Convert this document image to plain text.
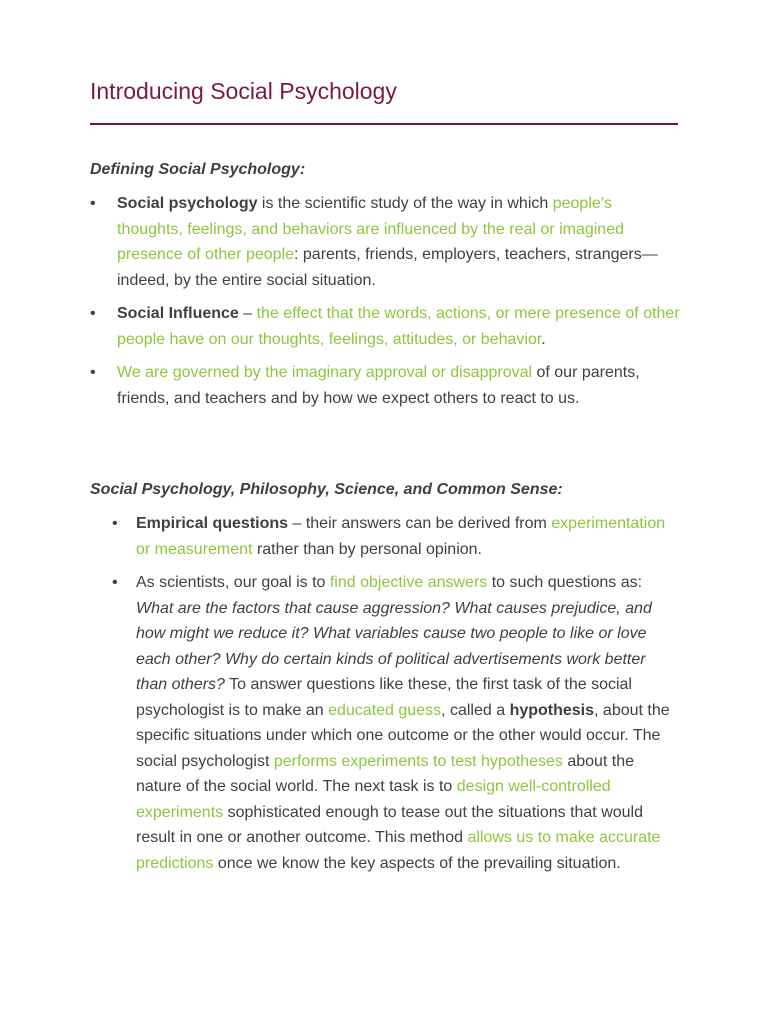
Introducing Social Psychology

Defining Social Psychology:

• Social psychology is the scientific study of the way in which people’s thoughts, feelings, and behaviors are influenced by the real or imagined presence of other people: parents, friends, employers, teachers, strangers—indeed, by the entire social situation.
• Social Influence – the effect that the words, actions, or mere presence of other people have on our thoughts, feelings, attitudes, or behavior.
• We are governed by the imaginary approval or disapproval of our parents, friends, and teachers and by how we expect others to react to us.

Social Psychology, Philosophy, Science, and Common Sense:

• Empirical questions – their answers can be derived from experimentation or measurement rather than by personal opinion.
• As scientists, our goal is to find objective answers to such questions as: What are the factors that cause aggression? What causes prejudice, and how might we reduce it? What variables cause two people to like or love each other? Why do certain kinds of political advertisements work better than others? To answer questions like these, the first task of the social psychologist is to make an educated guess, called a hypothesis, about the specific situations under which one outcome or the other would occur. The social psychologist performs experiments to test hypotheses about the nature of the social world. The next task is to design well-controlled experiments sophisticated enough to tease out the situations that would result in one or another outcome. This method allows us to make accurate predictions once we know the key aspects of the prevailing situation.
